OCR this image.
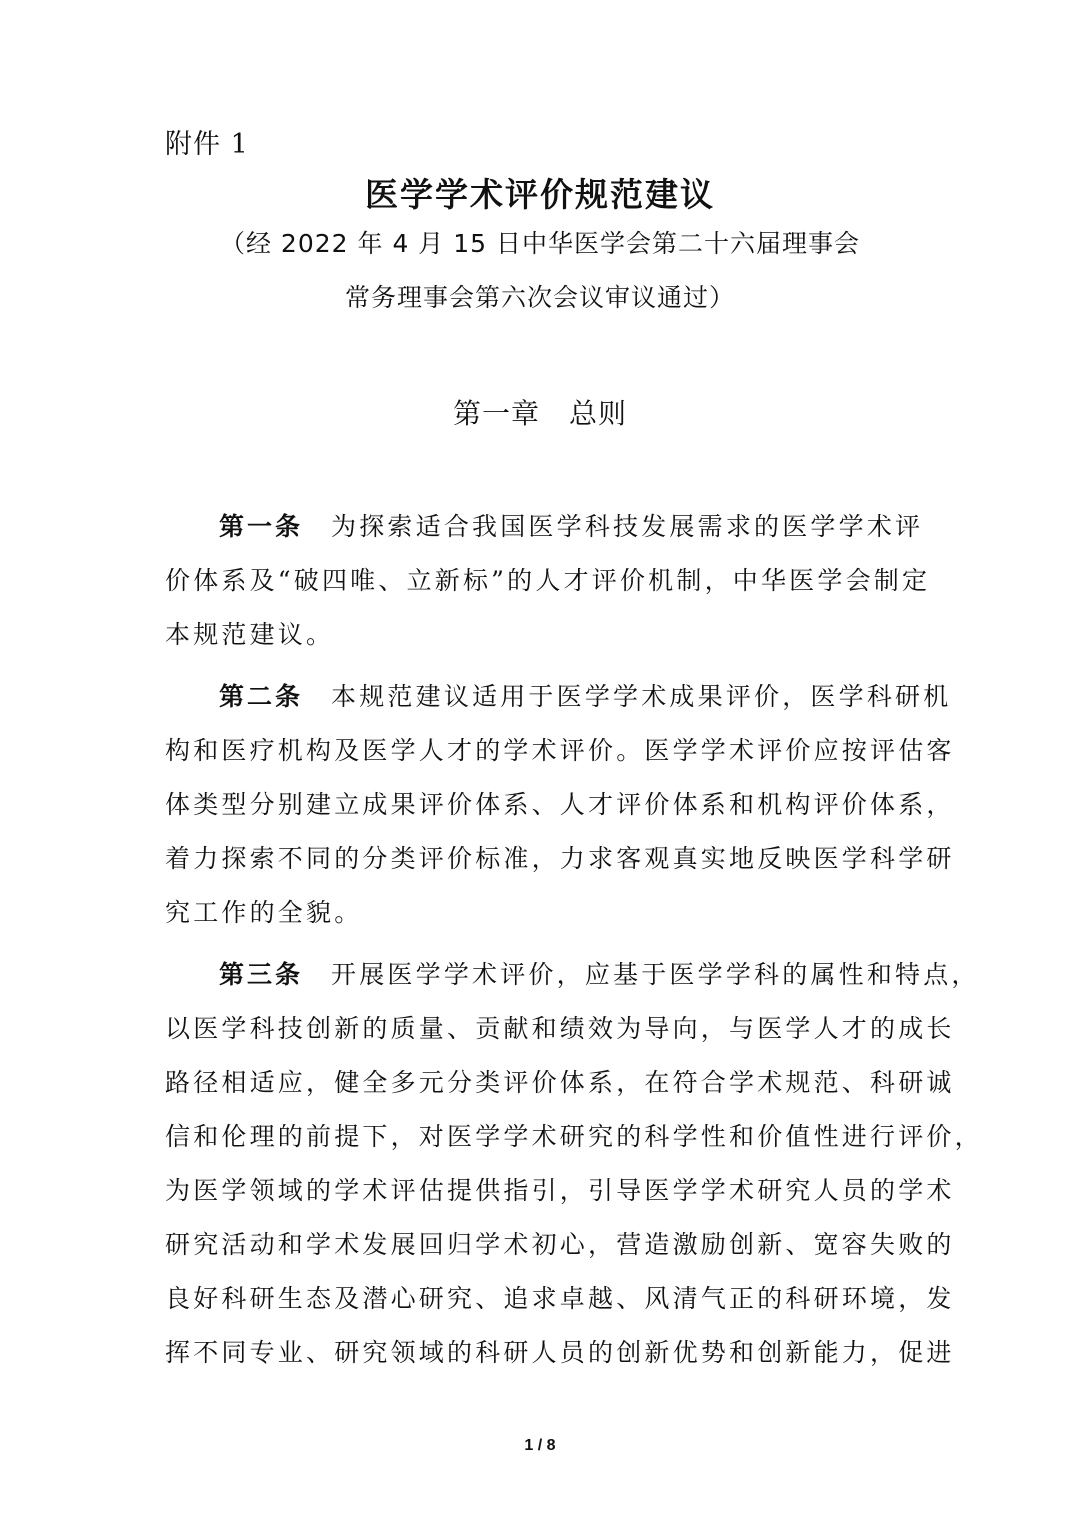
附件 1
医学学术评价规范建议
（经 2022 年 4 月 15 日中华医学会第二十六届理事会
常务理事会第六次会议审议通过）
第一章　总则
第一条 为探索适合我国医学科技发展需求的医学学术评
价体系及“破四唯、立新标”的人才评价机制，中华医学会制定
本规范建议。
第二条 本规范建议适用于医学学术成果评价，医学科研机
构和医疗机构及医学人才的学术评价。医学学术评价应按评估客
体类型分别建立成果评价体系、人才评价体系和机构评价体系，
着力探索不同的分类评价标准，力求客观真实地反映医学科学研
究工作的全貌。
第三条 开展医学学术评价，应基于医学学科的属性和特点，
以医学科技创新的质量、贡献和绩效为导向，与医学人才的成长
路径相适应，健全多元分类评价体系，在符合学术规范、科研诚
信和伦理的前提下，对医学学术研究的科学性和价值性进行评价，
为医学领域的学术评估提供指引，引导医学学术研究人员的学术
研究活动和学术发展回归学术初心，营造激励创新、宽容失败的
良好科研生态及潜心研究、追求卓越、风清气正的科研环境，发
挥不同专业、研究领域的科研人员的创新优势和创新能力，促进
1 / 8
